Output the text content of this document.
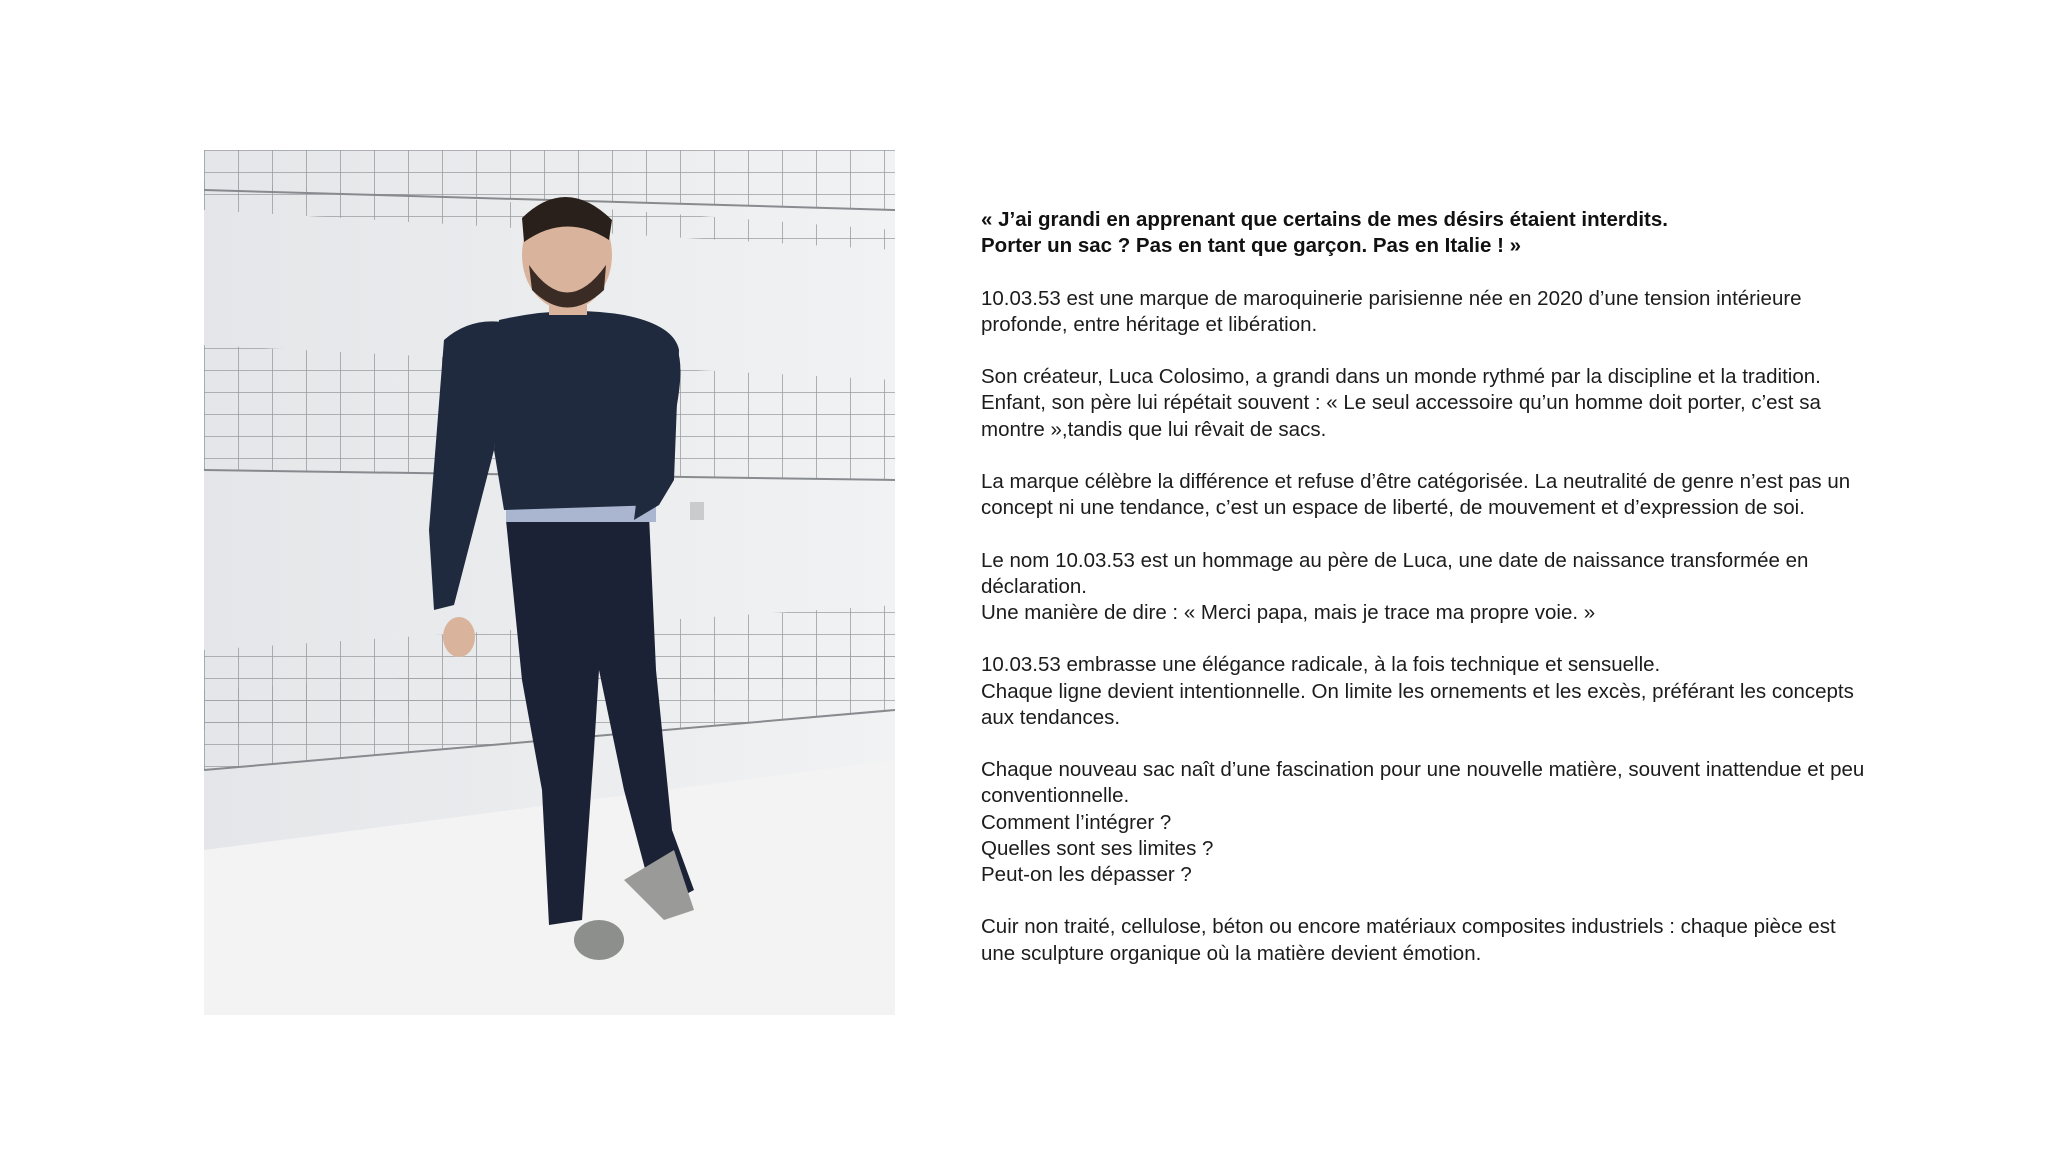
« J’ai grandi en apprenant que certains de mes désirs étaient interdits.
Porter un sac ? Pas en tant que garçon. Pas en Italie ! »

10.03.53 est une marque de maroquinerie parisienne née en 2020 d’une tension intérieure
profonde, entre héritage et libération.

Son créateur, Luca Colosimo, a grandi dans un monde rythmé par la discipline et la tradition.
Enfant, son père lui répétait souvent : « Le seul accessoire qu’un homme doit porter, c’est sa
montre »,tandis que lui rêvait de sacs.

La marque célèbre la différence et refuse d’être catégorisée. La neutralité de genre n’est pas un
concept ni une tendance, c’est un espace de liberté, de mouvement et d’expression de soi.

Le nom 10.03.53 est un hommage au père de Luca, une date de naissance transformée en
déclaration.
Une manière de dire : « Merci papa, mais je trace ma propre voie. »

10.03.53 embrasse une élégance radicale, à la fois technique et sensuelle.
Chaque ligne devient intentionnelle. On limite les ornements et les excès, préférant les concepts
aux tendances.

Chaque nouveau sac naît d’une fascination pour une nouvelle matière, souvent inattendue et peu
conventionnelle.
Comment l’intégrer ?
Quelles sont ses limites ?
Peut-on les dépasser ?

Cuir non traité, cellulose, béton ou encore matériaux composites industriels : chaque pièce est
une sculpture organique où la matière devient émotion.
